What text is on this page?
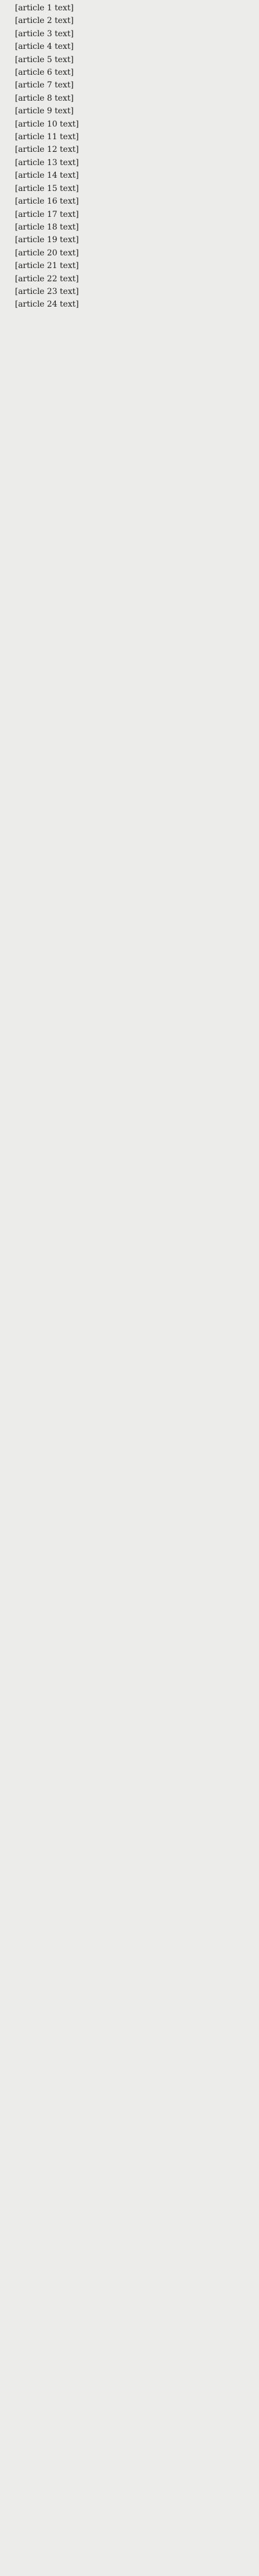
[article 1 text]

[article 2 text]

[article 3 text]

[article 4 text]

[article 5 text]

[article 6 text]

[article 7 text]

[article 8 text]

[article 9 text]

[article 10 text]

[article 11 text]

[article 12 text]

[article 13 text]

[article 14 text]

[article 15 text]

[article 16 text]

[article 17 text]

[article 18 text]

[article 19 text]

[article 20 text]

[article 21 text]

[article 22 text]

[article 23 text]

[article 24 text]
